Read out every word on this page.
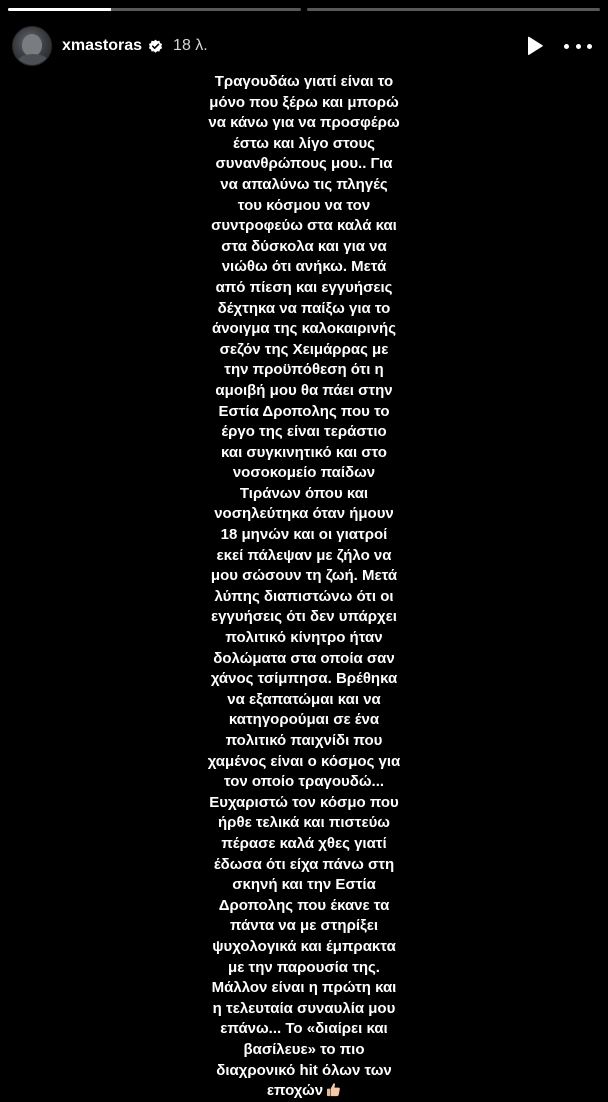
xmastoras 18 λ.
Τραγουδάω γιατί είναι το
μόνο που ξέρω και μπορώ
να κάνω για να προσφέρω
έστω και λίγο στους
συνανθρώπους μου.. Για
να απαλύνω τις πληγές
του κόσμου να τον
συντροφεύω στα καλά και
στα δύσκολα και για να
νιώθω ότι ανήκω. Μετά
από πίεση και εγγυήσεις
δέχτηκα να παίξω για το
άνοιγμα της καλοκαιρινής
σεζόν της Χειμάρρας με
την προϋπόθεση ότι η
αμοιβή μου θα πάει στην
Εστία Δροπολης που το
έργο της είναι τεράστιο
και συγκινητικό και στο
νοσοκομείο παίδων
Τιράνων όπου και
νοσηλεύτηκα όταν ήμουν
18 μηνών και οι γιατροί
εκεί πάλεψαν με ζήλο να
μου σώσουν τη ζωή. Μετά
λύπης διαπιστώνω ότι οι
εγγυήσεις ότι δεν υπάρχει
πολιτικό κίνητρο ήταν
δολώματα στα οποία σαν
χάνος τσίμπησα. Βρέθηκα
να εξαπατώμαι και να
κατηγορούμαι σε ένα
πολιτικό παιχνίδι που
χαμένος είναι ο κόσμος για
τον οποίο τραγουδώ...
Ευχαριστώ τον κόσμο που
ήρθε τελικά και πιστεύω
πέρασε καλά χθες γιατί
έδωσα ότι είχα πάνω στη
σκηνή και την Εστία
Δροπολης που έκανε τα
πάντα να με στηρίξει
ψυχολογικά και έμπρακτα
με την παρουσία της.
Μάλλον είναι η πρώτη και
η τελευταία συναυλία μου
επάνω... Το «διαίρει και
βασίλευε» το πιο
διαχρονικό hit όλων των
εποχών
